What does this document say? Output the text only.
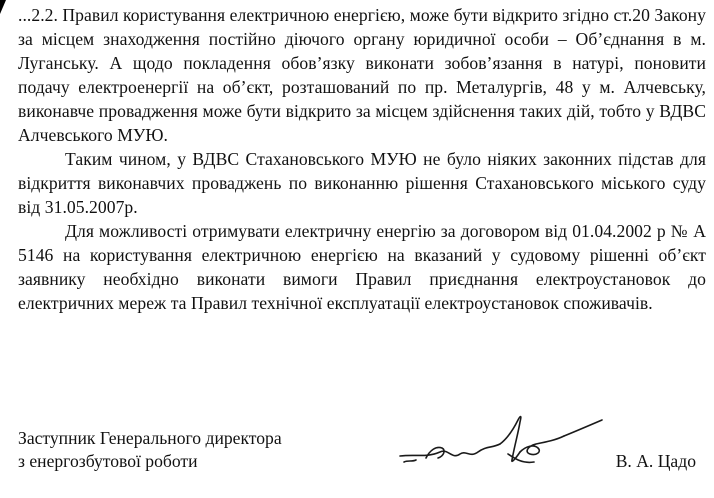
...2.2. Правил користування електричною енергією, може бути відкрито згідно ст.20 Закону за місцем знаходження постійно діючого органу юридичної особи – Об’єднання в м. Луганську. А щодо покладення обов’язку виконати зобов’язання в натурі, поновити подачу електроенергії на об’єкт, розташований по пр. Металургів, 48 у м. Алчевську, виконавче провадження може бути відкрито за місцем здійснення таких дій, тобто у ВДВС Алчевського МУЮ.

Таким чином, у ВДВС Стахановського МУЮ не було ніяких законних підстав для відкриття виконавчих проваджень по виконанню рішення Стахановського міського суду від 31.05.2007р.

Для можливості отримувати електричну енергію за договором від 01.04.2002 р № А 5146 на користування електричною енергією на вказаний у судовому рішенні об’єкт заявнику необхідно виконати вимоги Правил приєднання електроустановок до електричних мереж та Правил технічної експлуатації електроустановок споживачів.

Заступник Генерального директора
з енергозбутової роботи	В. А. Цадо
